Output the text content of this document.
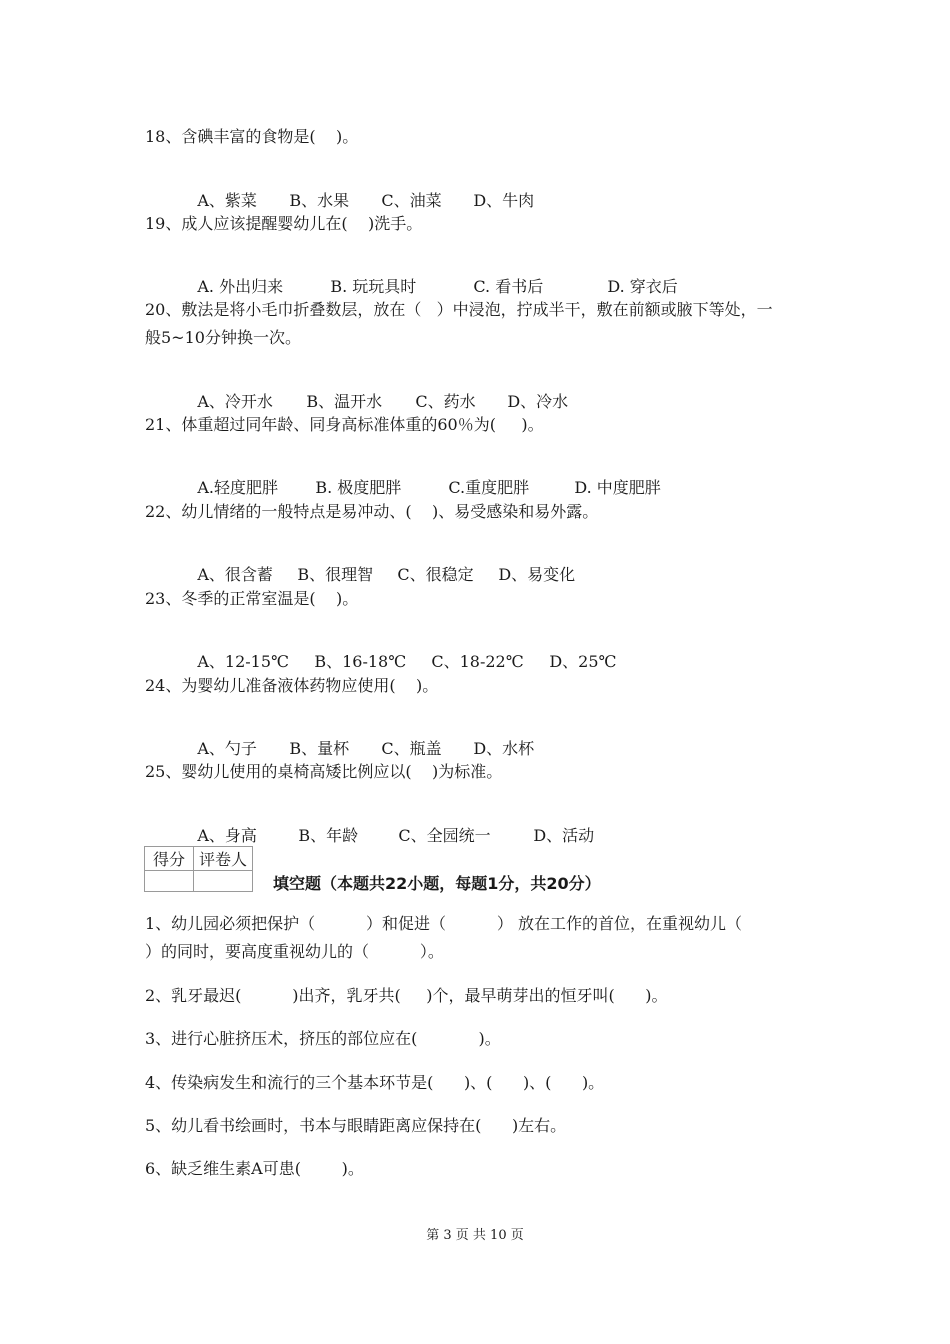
18、含碘丰富的食物是(    )。

A、紫菜 B、水果 C、油菜 D、牛肉

19、成人应该提醒婴幼儿在(    )洗手。

A. 外出归来	B. 玩玩具时	C. 看书后	D. 穿衣后

20、敷法是将小毛巾折叠数层，放在（   ）中浸泡，拧成半干，敷在前额或腋下等处，一
般5~10分钟换一次。

A、冷开水 B、温开水 C、药水 D、冷水

21、体重超过同年龄、同身高标准体重的60％为(     )。

A.轻度肥胖 B. 极度肥胖	C.重度肥胖	D. 中度肥胖

22、幼儿情绪的一般特点是易冲动、(    )、易受感染和易外露。

A、很含蓄 B、很理智 C、很稳定 D、易变化

23、冬季的正常室温是(    )。

A、12-15℃ B、16-18℃ C、18-22℃ D、25℃

24、为婴幼儿准备液体药物应使用(    )。

A、勺子 B、量杯 C、瓶盖 D、水杯

25、婴幼儿使用的桌椅高矮比例应以(    )为标准。

A、身高	B、年龄	C、全园统一	D、活动

得分	评卷人

填空题（本题共22小题，每题1分，共20分）
1、幼儿园必须把保护（          ）和促进（          ） 放在工作的首位，在重视幼儿（
）的同时，要高度重视幼儿的（          ）。
2、乳牙最迟(          )出齐，乳牙共(     )个，最早萌芽出的恒牙叫(      )。
3、进行心脏挤压术，挤压的部位应在(            )。
4、传染病发生和流行的三个基本环节是(      )、(      )、(      )。
5、幼儿看书绘画时，书本与眼睛距离应保持在(      )左右。
6、缺乏维生素A可患(        )。
第 3 页 共 10 页
